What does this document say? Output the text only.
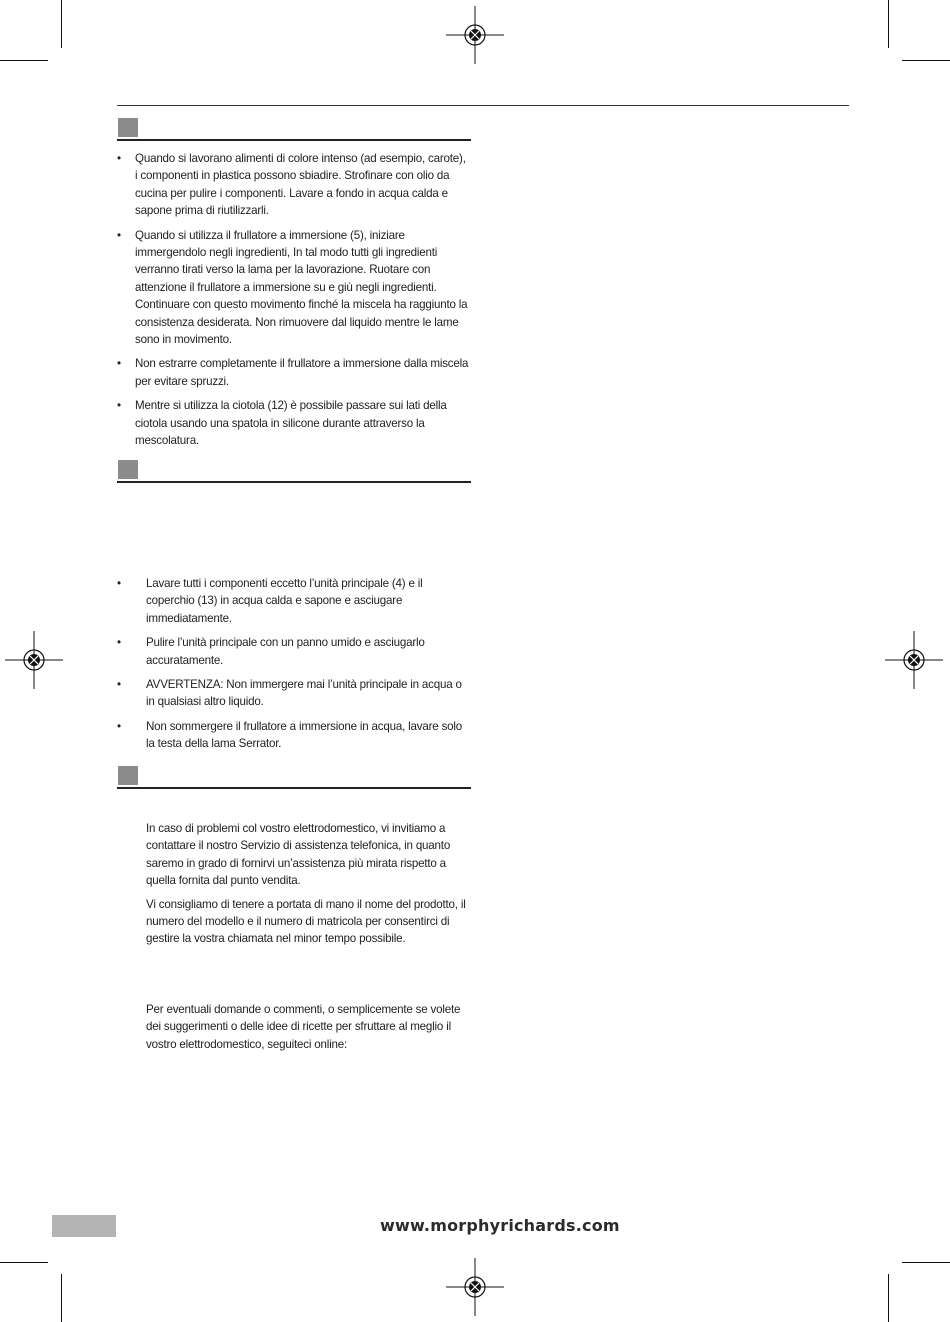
•	Quando si lavorano alimenti di colore intenso (ad esempio, carote), i componenti in plastica possono sbiadire. Strofinare con olio da cucina per pulire i componenti. Lavare a fondo in acqua calda e sapone prima di riutilizzarli.
•	Quando si utilizza il frullatore a immersione (5), iniziare immergendolo negli ingredienti, In tal modo tutti gli ingredienti verranno tirati verso la lama per la lavorazione. Ruotare con attenzione il frullatore a immersione su e giù negli ingredienti. Continuare con questo movimento finché la miscela ha raggiunto la consistenza desiderata. Non rimuovere dal liquido mentre le lame sono in movimento.
•	Non estrarre completamente il frullatore a immersione dalla miscela per evitare spruzzi.
•	Mentre si utilizza la ciotola (12) è possibile passare sui lati della ciotola usando una spatola in silicone durante attraverso la mescolatura.
•	Lavare tutti i componenti eccetto l’unità principale (4) e il coperchio (13) in acqua calda e sapone e asciugare immediatamente.
•	Pulire l’unità principale con un panno umido e asciugarlo accuratamente.
•	AVVERTENZA: Non immergere mai l’unità principale in acqua o in qualsiasi altro liquido.
•	Non sommergere il frullatore a immersione in acqua, lavare solo la testa della lama Serrator.

In caso di problemi col vostro elettrodomestico, vi invitiamo a contattare il nostro Servizio di assistenza telefonica, in quanto saremo in grado di fornirvi un’assistenza più mirata rispetto a quella fornita dal punto vendita.

Vi consigliamo di tenere a portata di mano il nome del prodotto, il numero del modello e il numero di matricola per consentirci di gestire la vostra chiamata nel minor tempo possibile.

Per eventuali domande o commenti, o semplicemente se volete dei suggerimenti o delle idee di ricette per sfruttare al meglio il vostro elettrodomestico, seguiteci online:

www.morphyrichards.com
